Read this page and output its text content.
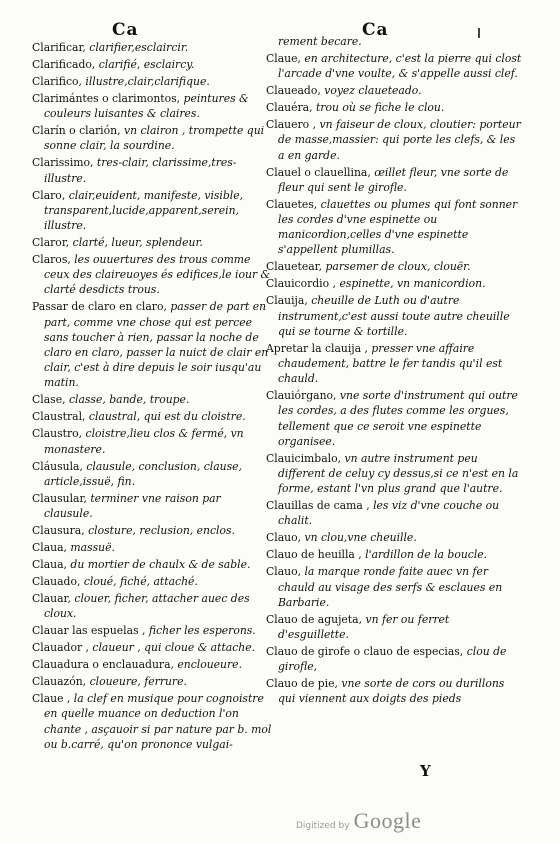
Ca	Ca
Clarificar, clarifier,esclaircir.
Clarificado, clarifié, esclaircy.
Clarifico, illustre,clair,clarifique.
Clarimántes o clarimontos, peintures & couleurs luisantes & claires.
Clarín o clarión, vn clairon , trompette qui sonne clair, la sourdine.
Clarissimo, tres-clair, clarissime,tres-illustre.
Claro, clair,euident, manifeste, visible, transparent,lucide,apparent,serein, illustre.
Claror, clarté, lueur, splendeur.
Claros, les ouuertures des trous comme ceux des claireuoyes és edifices,le iour & clarté desdicts trous.
Passar de claro en claro, passer de part en part, comme vne chose qui est percee sans toucher à rien, passar la noche de claro en claro, passer la nuict de clair en clair, c'est à dire depuis le soir iusqu'au matin.
Clase, classe, bande, troupe.
Claustral, claustral, qui est du cloistre.
Claustro, cloistre,lieu clos & fermé, vn monastere.
Cláusula, clausule, conclusion, clause, article,issuë, fin.
Clausular, terminer vne raison par clausule.
Clausura, closture, reclusion, enclos.
Claua, massuë.
Claua, du mortier de chaulx & de sable.
Clauado, cloué, fiché, attaché.
Clauar, clouer, ficher, attacher auec des cloux.
Clauar las espuelas , ficher les esperons.
Clauador , claueur , qui cloue & attache.
Clauadura o enclauadura, encloueure.
Clauazón, cloueure, ferrure.
Claue , la clef en musique pour cognoistre en quelle muance on deduction l'on chante , asçauoir si par nature par b. mol ou b.carré, qu'on prononce vulgai-
rement becare.
Claue, en architecture, c'est la pierre qui clost l'arcade d'vne voulte, & s'appelle aussi clef.
Claueado, voyez claueteado.
Clauéra, trou où se fiche le clou.
Clauero , vn faiseur de cloux, cloutier: porteur de masse,massier: qui porte les clefs, & les a en garde.
Clauel o clauellina, œillet fleur, vne sorte de fleur qui sent le girofle.
Clauetes, clauettes ou plumes qui font sonner les cordes d'vne espinette ou manicordion,celles d'vne espinette s'appellent plumillas.
Clauetear, parsemer de cloux, clouër.
Clauicordio , espinette, vn manicordion.
Clauija, cheuille de Luth ou d'autre instrument,c'est aussi toute autre cheuille qui se tourne & tortille.
Apretar la clauija , presser vne affaire chaudement, battre le fer tandis qu'il est chauld.
Clauiórgano, vne sorte d'instrument qui outre les cordes, a des flutes comme les orgues, tellement que ce seroit vne espinette organisee.
Clauicimbalo, vn autre instrument peu different de celuy cy dessus,si ce n'est en la forme, estant l'vn plus grand que l'autre.
Clauillas de cama , les viz d'vne couche ou chalit.
Clauo, vn clou,vne cheuille.
Clauo de heuilla , l'ardillon de la boucle.
Clauo, la marque ronde faite auec vn fer chauld au visage des serfs & esclaues en Barbarie.
Clauo de agujeta, vn fer ou ferret d'esguillette.
Clauo de girofe o clauo de especias, clou de girofle,
Clauo de pie, vne sorte de cors ou durillons qui viennent aux doigts des pieds
Y
Digitized by Google
